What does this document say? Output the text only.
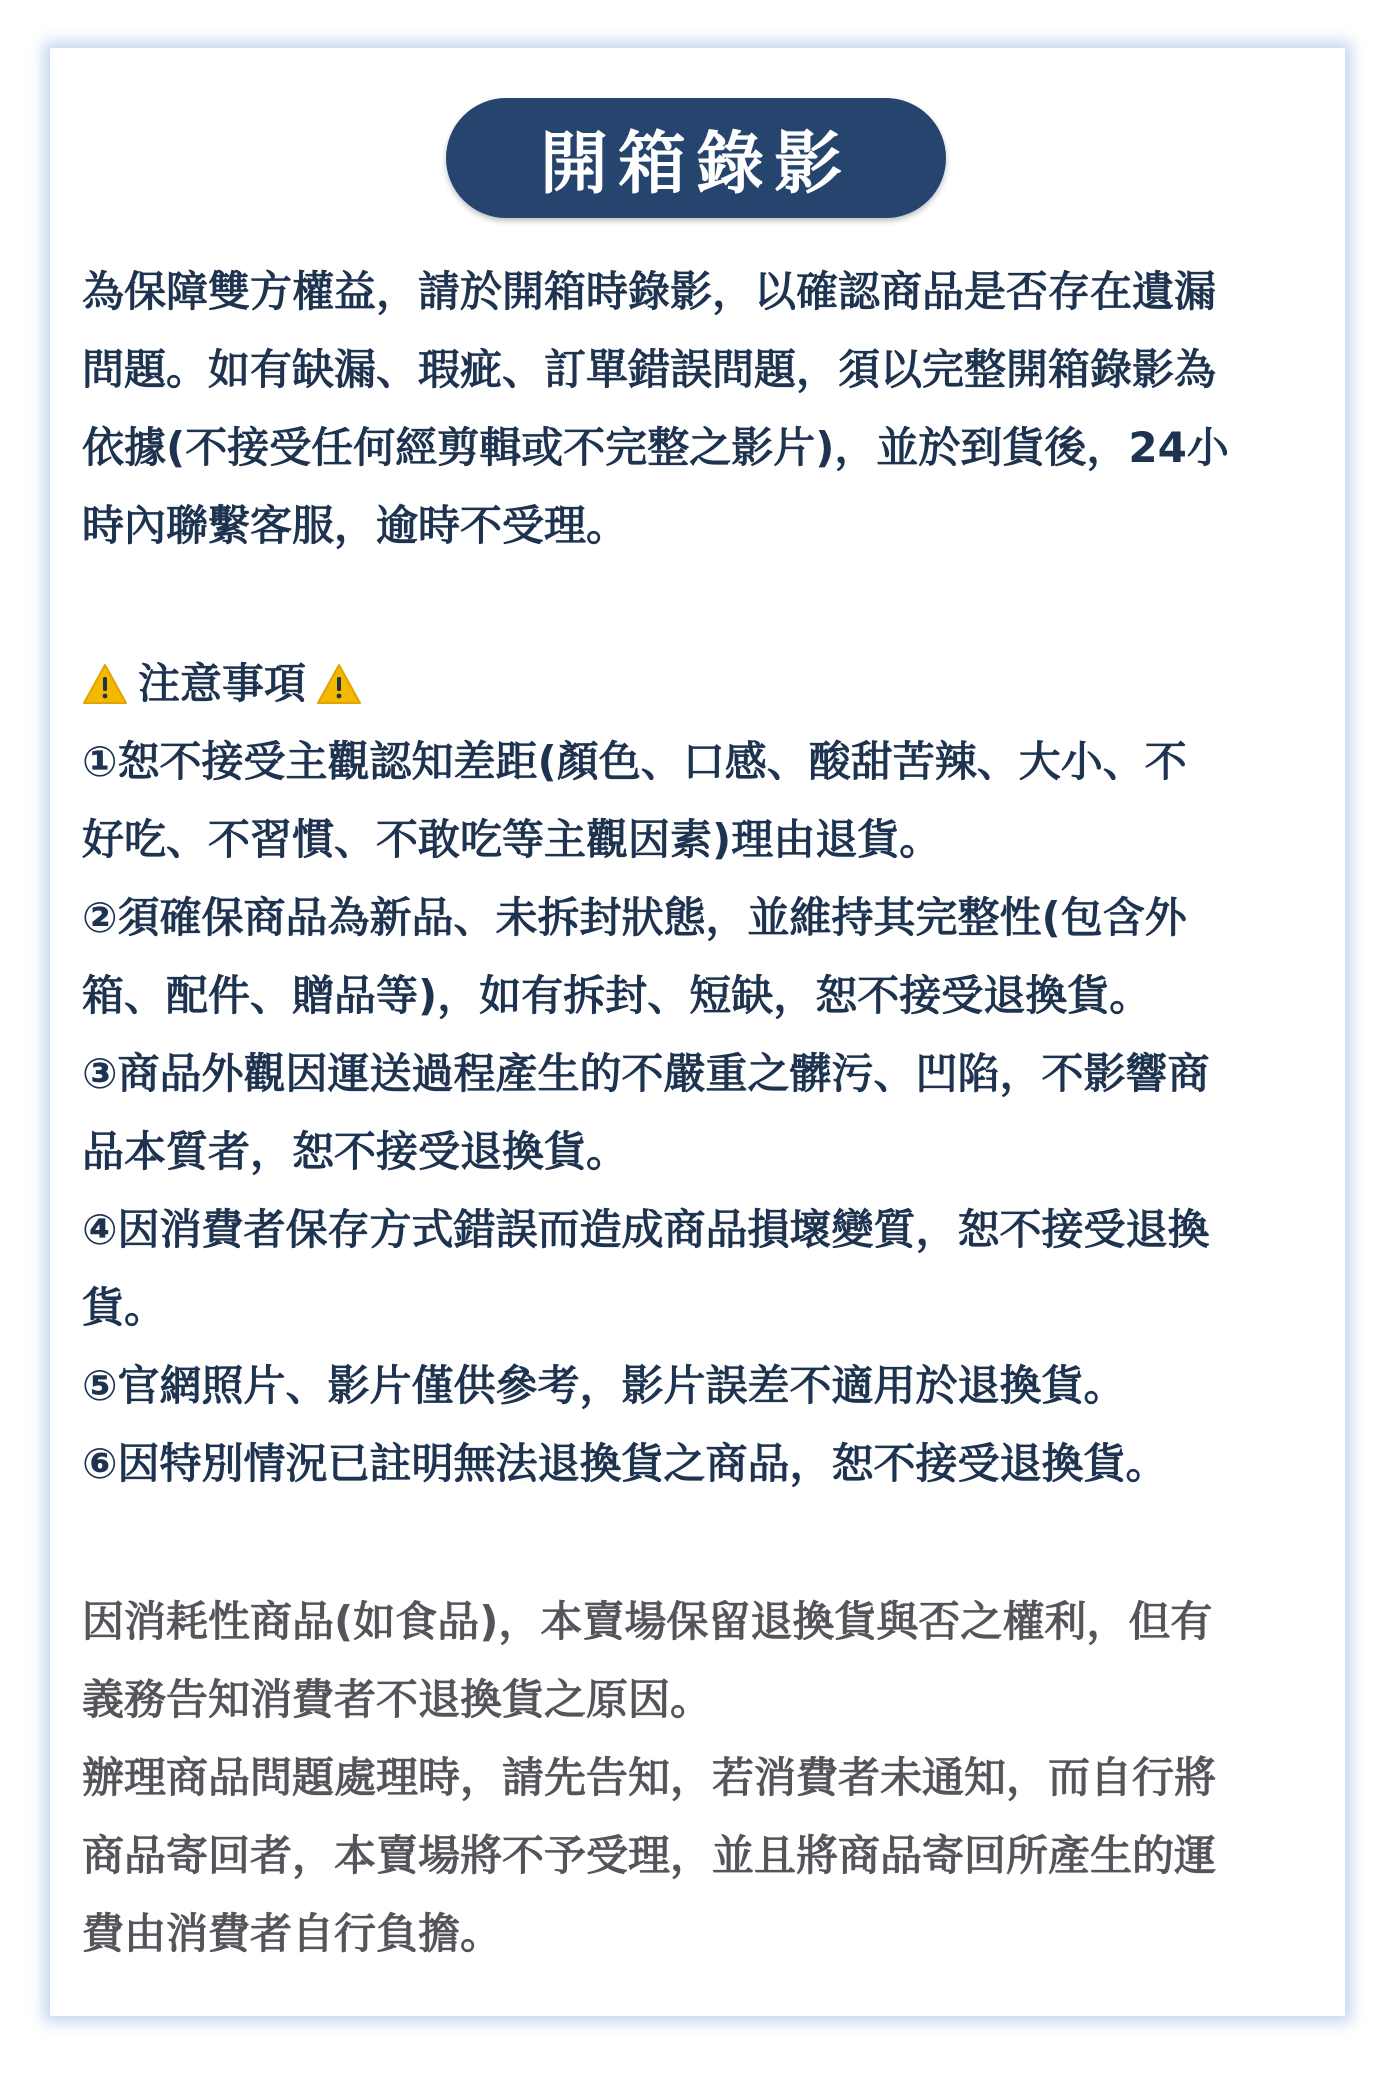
開箱錄影
為保障雙方權益，請於開箱時錄影，以確認商品是否存在遺漏
問題。如有缺漏、瑕疵、訂單錯誤問題，須以完整開箱錄影為
依據(不接受任何經剪輯或不完整之影片)，並於到貨後，24小
時內聯繫客服，逾時不受理。
注意事項
①恕不接受主觀認知差距(顏色、口感、酸甜苦辣、大小、不
好吃、不習慣、不敢吃等主觀因素)理由退貨。
②須確保商品為新品、未拆封狀態，並維持其完整性(包含外
箱、配件、贈品等)，如有拆封、短缺，恕不接受退換貨。
③商品外觀因運送過程產生的不嚴重之髒污、凹陷，不影響商
品本質者，恕不接受退換貨。
④因消費者保存方式錯誤而造成商品損壞變質，恕不接受退換
貨。
⑤官網照片、影片僅供參考，影片誤差不適用於退換貨。
⑥因特別情況已註明無法退換貨之商品，恕不接受退換貨。
因消耗性商品(如食品)，本賣場保留退換貨與否之權利，但有
義務告知消費者不退換貨之原因。
辦理商品問題處理時，請先告知，若消費者未通知，而自行將
商品寄回者，本賣場將不予受理，並且將商品寄回所產生的運
費由消費者自行負擔。
